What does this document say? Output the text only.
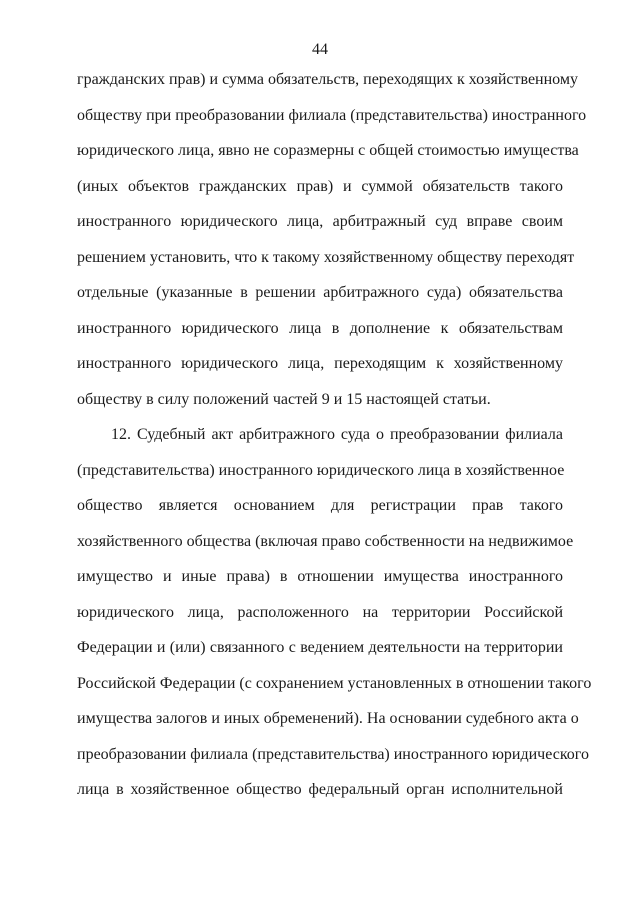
44
гражданских прав) и сумма обязательств, переходящих к хозяйственному
обществу при преобразовании филиала (представительства) иностранного
юридического лица, явно не соразмерны с общей стоимостью имущества
(иных объектов гражданских прав) и суммой обязательств такого
иностранного юридического лица, арбитражный суд вправе своим
решением установить, что к такому хозяйственному обществу переходят
отдельные (указанные в решении арбитражного суда) обязательства
иностранного юридического лица в дополнение к обязательствам
иностранного юридического лица, переходящим к хозяйственному
обществу в силу положений частей 9 и 15 настоящей статьи.
12. Судебный акт арбитражного суда о преобразовании филиала
(представительства) иностранного юридического лица в хозяйственное
общество является основанием для регистрации прав такого
хозяйственного общества (включая право собственности на недвижимое
имущество и иные права) в отношении имущества иностранного
юридического лица, расположенного на территории Российской
Федерации и (или) связанного с ведением деятельности на территории
Российской Федерации (с сохранением установленных в отношении такого
имущества залогов и иных обременений). На основании судебного акта о
преобразовании филиала (представительства) иностранного юридического
лица в хозяйственное общество федеральный орган исполнительной
